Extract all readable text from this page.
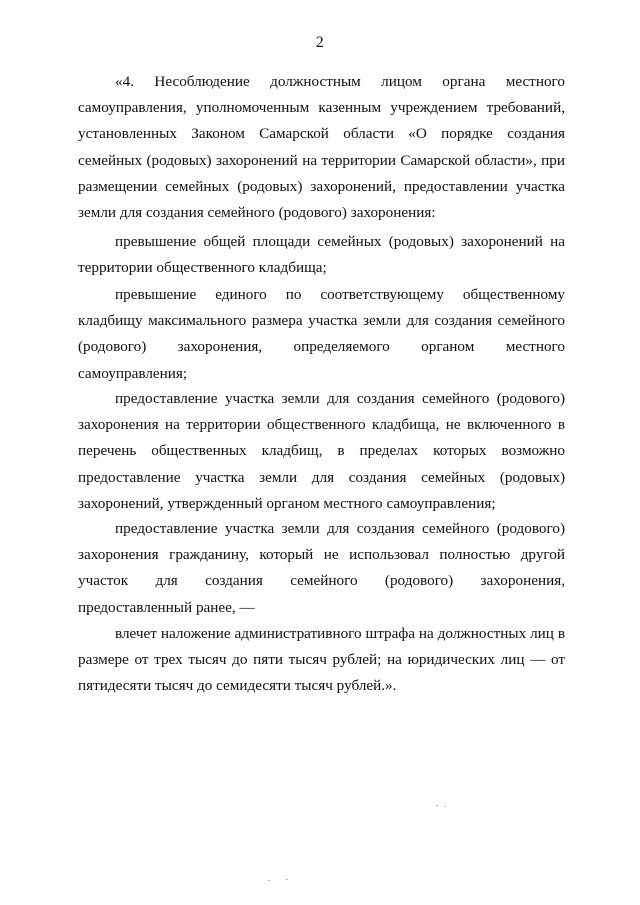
2

«4. Несоблюдение должностным лицом органа местного самоуправления, уполномоченным казенным учреждением требований, установленных Законом Самарской области «О порядке создания семейных (родовых) захоронений на территории Самарской области», при размещении семейных (родовых) захоронений, предоставлении участка земли для создания семейного (родового) захоронения:

превышение общей площади семейных (родовых) захоронений на территории общественного кладбища;

превышение единого по соответствующему общественному кладбищу максимального размера участка земли для создания семейного (родового) захоронения, определяемого органом местного самоуправления;

предоставление участка земли для создания семейного (родового) захоронения на территории общественного кладбища, не включенного в перечень общественных кладбищ, в пределах которых возможно предоставление участка земли для создания семейных (родовых) захоронений, утвержденный органом местного самоуправления;

предоставление участка земли для создания семейного (родового) захоронения гражданину, который не использовал полностью другой участок для создания семейного (родового) захоронения, предоставленный ранее, —

влечет наложение административного штрафа на должностных лиц в размере от трех тысяч до пяти тысяч рублей; на юридических лиц — от пятидесяти тысяч до семидесяти тысяч рублей.».
